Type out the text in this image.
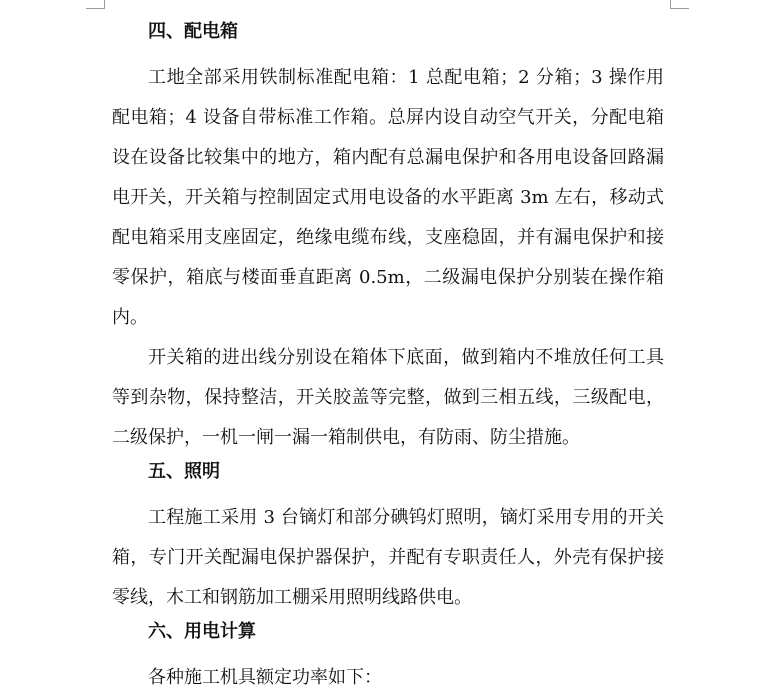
四、配电箱
工地全部采用铁制标准配电箱：1 总配电箱；2 分箱；3 操作用
配电箱；4 设备自带标准工作箱。总屏内设自动空气开关，分配电箱
设在设备比较集中的地方，箱内配有总漏电保护和各用电设备回路漏
电开关，开关箱与控制固定式用电设备的水平距离 3m 左右，移动式
配电箱采用支座固定，绝缘电缆布线，支座稳固，并有漏电保护和接
零保护，箱底与楼面垂直距离 0.5m，二级漏电保护分别装在操作箱
内。
开关箱的进出线分别设在箱体下底面，做到箱内不堆放任何工具
等到杂物，保持整洁，开关胶盖等完整，做到三相五线，三级配电，
二级保护，一机一闸一漏一箱制供电，有防雨、防尘措施。
五、照明
工程施工采用 3 台镝灯和部分碘钨灯照明，镝灯采用专用的开关
箱，专门开关配漏电保护器保护，并配有专职责任人，外壳有保护接
零线，木工和钢筋加工棚采用照明线路供电。
六、用电计算
各种施工机具额定功率如下：
